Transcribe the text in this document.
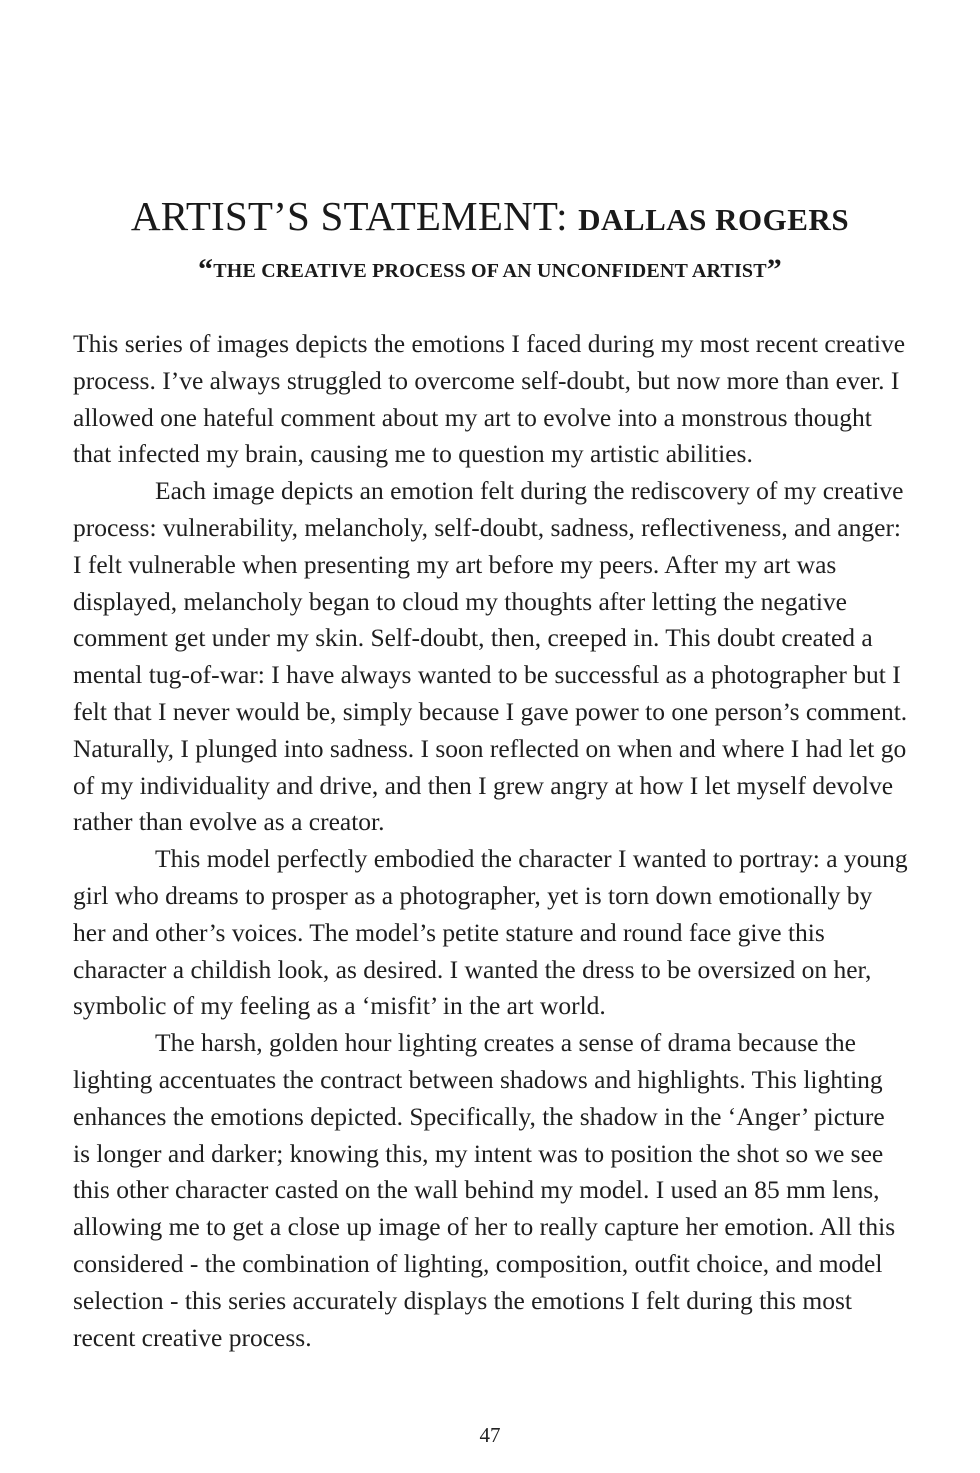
ARTIST’S STATEMENT: DALLAS ROGERS
“THE CREATIVE PROCESS OF AN UNCONFIDENT ARTIST”

This series of images depicts the emotions I faced during my most recent creative process. I’ve always struggled to overcome self-doubt, but now more than ever. I allowed one hateful comment about my art to evolve into a monstrous thought that infected my brain, causing me to question my artistic abilities.

Each image depicts an emotion felt during the rediscovery of my creative process: vulnerability, melancholy, self-doubt, sadness, reflectiveness, and anger: I felt vulnerable when presenting my art before my peers. After my art was displayed, melancholy began to cloud my thoughts after letting the negative comment get under my skin. Self-doubt, then, creeped in. This doubt created a mental tug-of-war: I have always wanted to be successful as a photographer but I felt that I never would be, simply because I gave power to one person’s comment. Naturally, I plunged into sadness. I soon reflected on when and where I had let go of my individuality and drive, and then I grew angry at how I let myself devolve rather than evolve as a creator.

This model perfectly embodied the character I wanted to portray: a young girl who dreams to prosper as a photographer, yet is torn down emotionally by her and other’s voices. The model’s petite stature and round face give this character a childish look, as desired. I wanted the dress to be oversized on her, symbolic of my feeling as a ‘misfit’ in the art world.

The harsh, golden hour lighting creates a sense of drama because the lighting accentuates the contract between shadows and highlights. This lighting enhances the emotions depicted. Specifically, the shadow in the ‘Anger’ picture is longer and darker; knowing this, my intent was to position the shot so we see this other character casted on the wall behind my model. I used an 85 mm lens, allowing me to get a close up image of her to really capture her emotion. All this considered - the combination of lighting, composition, outfit choice, and model selection - this series accurately displays the emotions I felt during this most recent creative process.

47
